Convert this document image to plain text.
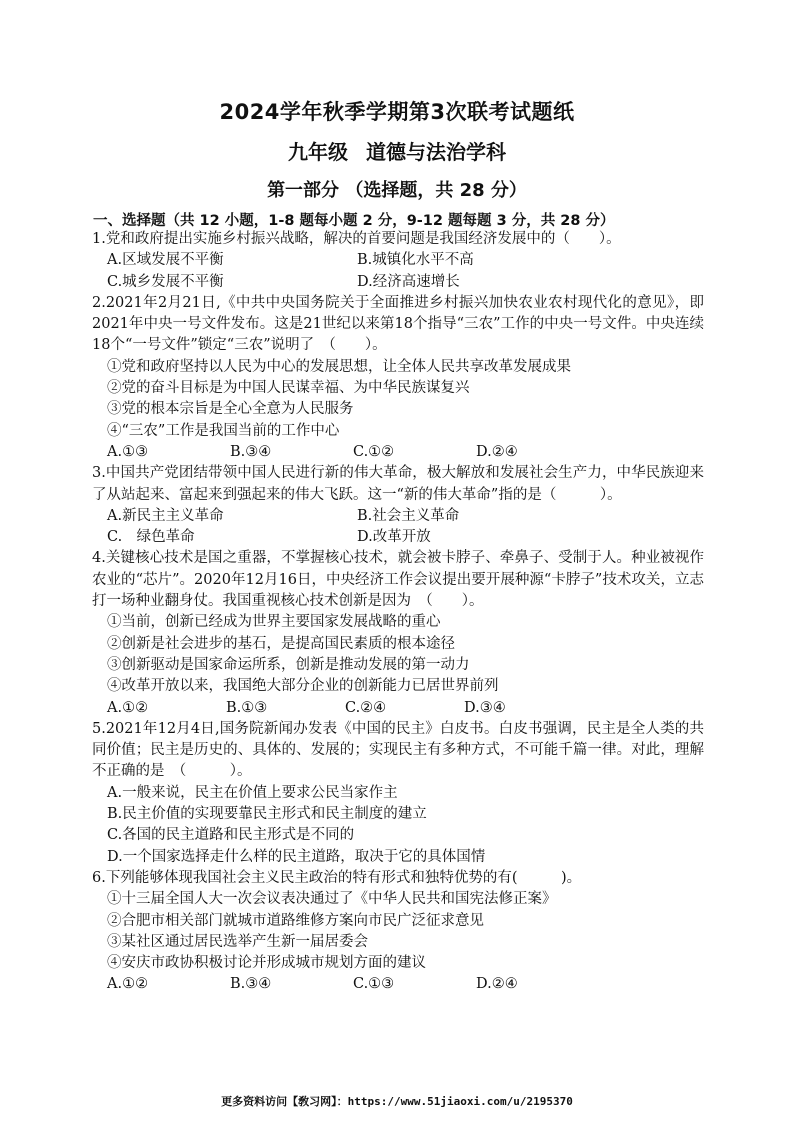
2024学年秋季学期第3次联考试题纸
九年级 道德与法治学科
第一部分 （选择题，共 28 分）
一、选择题（共 12 小题，1-8 题每小题 2 分，9-12 题每题 3 分，共 28 分）
1.党和政府提出实施乡村振兴战略，解决的首要问题是我国经济发展中的（　　）。
A.区域发展不平衡	B.城镇化水平不高
C.城乡发展不平衡	D.经济高速增长
2.2021年2月21日,《中共中央国务院关于全面推进乡村振兴加快农业农村现代化的意见》，即2021年中央一号文件发布。这是21世纪以来第18个指导“三农”工作的中央一号文件。中央连续18个“一号文件”锁定“三农”说明了　（　　）。
①党和政府坚持以人民为中心的发展思想，让全体人民共享改革发展成果
②党的奋斗目标是为中国人民谋幸福、为中华民族谋复兴
③党的根本宗旨是全心全意为人民服务
④“三农”工作是我国当前的工作中心
A.①③	B.③④	C.①②	D.②④
3.中国共产党团结带领中国人民进行新的伟大革命，极大解放和发展社会生产力，中华民族迎来了从站起来、富起来到强起来的伟大飞跃。这一“新的伟大革命”指的是（　　　）。
A.新民主主义革命	B.社会主义革命
C.　绿色革命	D.改革开放
4.关键核心技术是国之重器，不掌握核心技术，就会被卡脖子、牵鼻子、受制于人。种业被视作农业的“芯片”。2020年12月16日，中央经济工作会议提出要开展种源“卡脖子”技术攻关，立志打一场种业翻身仗。我国重视核心技术创新是因为　（　　）。
①当前，创新已经成为世界主要国家发展战略的重心
②创新是社会进步的基石，是提高国民素质的根本途径
③创新驱动是国家命运所系，创新是推动发展的第一动力
④改革开放以来，我国绝大部分企业的创新能力已居世界前列
A.①②	B.①③	C.②④	D.③④
5.2021年12月4日,国务院新闻办发表《中国的民主》白皮书。白皮书强调，民主是全人类的共同价值；民主是历史的、具体的、发展的；实现民主有多种方式，不可能千篇一律。对此，理解不正确的是　（　　　）。
A.一般来说，民主在价值上要求公民当家作主
B.民主价值的实现要靠民主形式和民主制度的建立
C.各国的民主道路和民主形式是不同的
D.一个国家选择走什么样的民主道路，取决于它的具体国情
6.下列能够体现我国社会主义民主政治的特有形式和独特优势的有(　　　)。
①十三届全国人大一次会议表决通过了《中华人民共和国宪法修正案》
②合肥市相关部门就城市道路维修方案向市民广泛征求意见
③某社区通过居民选举产生新一届居委会
④安庆市政协积极讨论并形成城市规划方面的建议
A.①②	B.③④	C.①③	D.②④
更多资料访问【敎习网】：https://www.51jiaoxi.com/u/2195370
